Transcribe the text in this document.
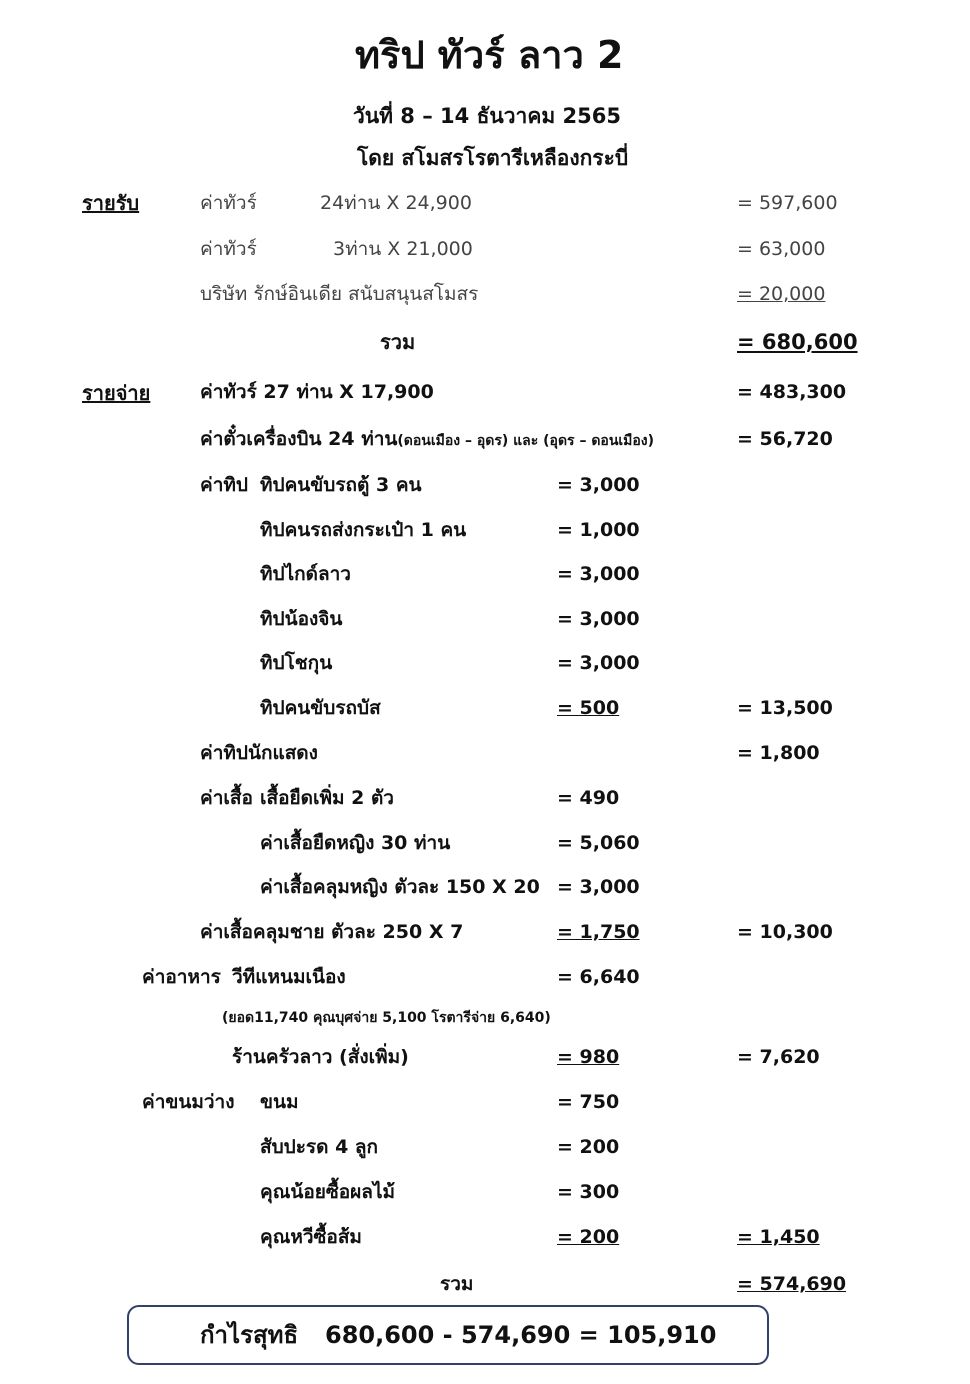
ทริป ทัวร์ ลาว 2
วันที่ 8 – 14 ธันวาคม 2565
โดย สโมสรโรตารีเหลืองกระบี่
รายรับ	ค่าทัวร์	24ท่าน X 24,900	= 597,600
ค่าทัวร์	3ท่าน X 21,000	= 63,000
บริษัท รักษ์อินเดีย สนับสนุนสโมสร	= 20,000
รวม	= 680,600
รายจ่าย	ค่าทัวร์ 27 ท่าน X 17,900	= 483,300
ค่าตั๋วเครื่องบิน 24 ท่าน(ดอนเมือง – อุดร) และ (อุดร – ดอนเมือง)	= 56,720
ค่าทิป ทิปคนขับรถตู้ 3 คน	= 3,000
ทิปคนรถส่งกระเป๋า 1 คน	= 1,000
ทิปไกด์ลาว	= 3,000
ทิปน้องจิน	= 3,000
ทิปโชกุน	= 3,000
ทิปคนขับรถบัส	= 500	= 13,500
ค่าทิปนักแสดง	= 1,800
ค่าเสื้อ เสื้อยืดเพิ่ม 2 ตัว	= 490
ค่าเสื้อยืดหญิง 30 ท่าน	= 5,060
ค่าเสื้อคลุมหญิง ตัวละ 150 X 20 = 3,000
ค่าเสื้อคลุมชาย ตัวละ 250 X 7	= 1,750	= 10,300
ค่าอาหาร วีทีแหนมเนือง	= 6,640
(ยอด11,740 คุณบุศจ่าย 5,100 โรตารีจ่าย 6,640)
ร้านครัวลาว (สั่งเพิ่ม)	= 980	= 7,620
ค่าขนมว่าง ขนม	= 750
สับปะรด 4 ลูก	= 200
คุณน้อยซื้อผลไม้	= 300
คุณหวีซื้อส้ม	= 200	= 1,450
รวม	= 574,690
กำไรสุทธิ 680,600 - 574,690 = 105,910
